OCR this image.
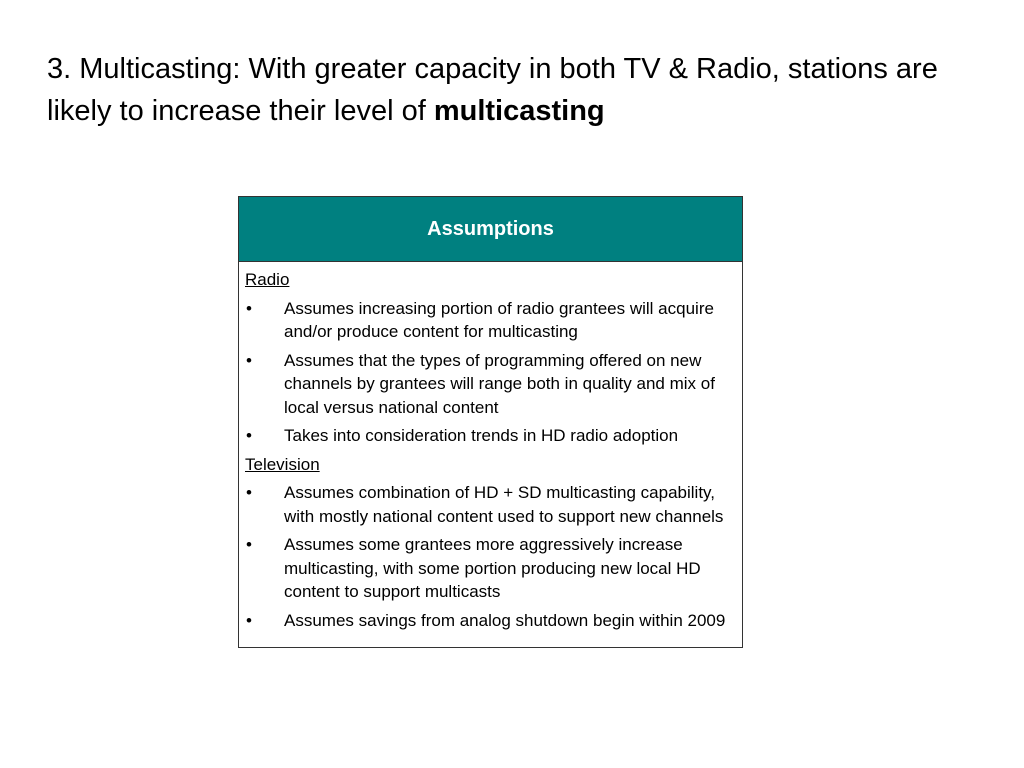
3. Multicasting: With greater capacity in both TV & Radio, stations are likely to increase their level of multicasting
Assumptions
Radio
•	Assumes increasing portion of radio grantees will acquire and/or produce content for multicasting
•	Assumes that the types of programming offered on new channels by grantees will range both in quality and mix of local versus national content
•	Takes into consideration trends in HD radio adoption
Television
•	Assumes combination of HD + SD multicasting capability, with mostly national content used to support new channels
•	Assumes some grantees more aggressively increase multicasting, with some portion producing new local HD content to support multicasts
•	Assumes savings from analog shutdown begin within 2009
